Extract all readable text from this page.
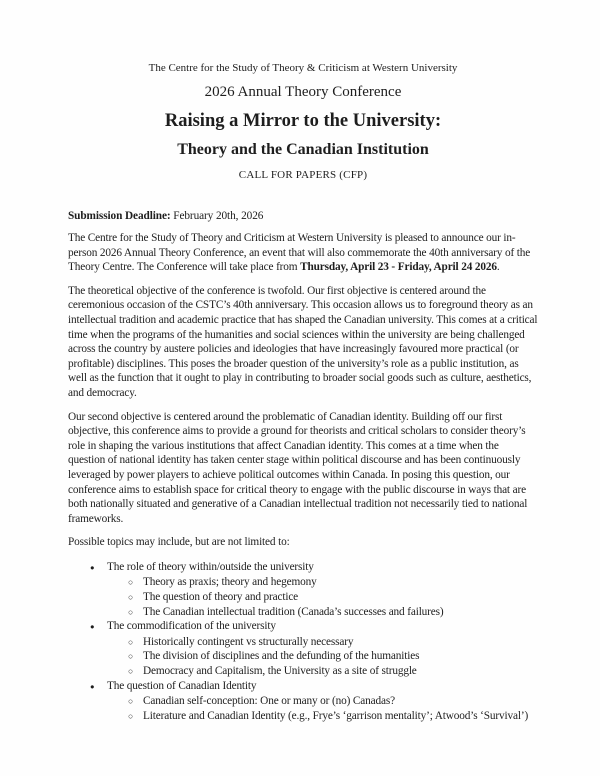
The Centre for the Study of Theory & Criticism at Western University

2026 Annual Theory Conference

Raising a Mirror to the University:

Theory and the Canadian Institution

CALL FOR PAPERS (CFP)

Submission Deadline: February 20th, 2026

The Centre for the Study of Theory and Criticism at Western University is pleased to announce our in-person 2026 Annual Theory Conference, an event that will also commemorate the 40th anniversary of the Theory Centre. The Conference will take place from Thursday, April 23 - Friday, April 24 2026.

The theoretical objective of the conference is twofold. Our first objective is centered around the ceremonious occasion of the CSTC’s 40th anniversary. This occasion allows us to foreground theory as an intellectual tradition and academic practice that has shaped the Canadian university. This comes at a critical time when the programs of the humanities and social sciences within the university are being challenged across the country by austere policies and ideologies that have increasingly favoured more practical (or profitable) disciplines. This poses the broader question of the university’s role as a public institution, as well as the function that it ought to play in contributing to broader social goods such as culture, aesthetics, and democracy.

Our second objective is centered around the problematic of Canadian identity. Building off our first objective, this conference aims to provide a ground for theorists and critical scholars to consider theory’s role in shaping the various institutions that affect Canadian identity. This comes at a time when the question of national identity has taken center stage within political discourse and has been continuously leveraged by power players to achieve political outcomes within Canada. In posing this question, our conference aims to establish space for critical theory to engage with the public discourse in ways that are both nationally situated and generative of a Canadian intellectual tradition not necessarily tied to national frameworks.

Possible topics may include, but are not limited to:

●	The role of theory within/outside the university
○ Theory as praxis; theory and hegemony
○ The question of theory and practice
○ The Canadian intellectual tradition (Canada’s successes and failures)
●	The commodification of the university
○ Historically contingent vs structurally necessary
○ The division of disciplines and the defunding of the humanities
○ Democracy and Capitalism, the University as a site of struggle
●	The question of Canadian Identity
○ Canadian self-conception: One or many or (no) Canadas?
○ Literature and Canadian Identity (e.g., Frye’s ‘garrison mentality’; Atwood’s ‘Survival’)
